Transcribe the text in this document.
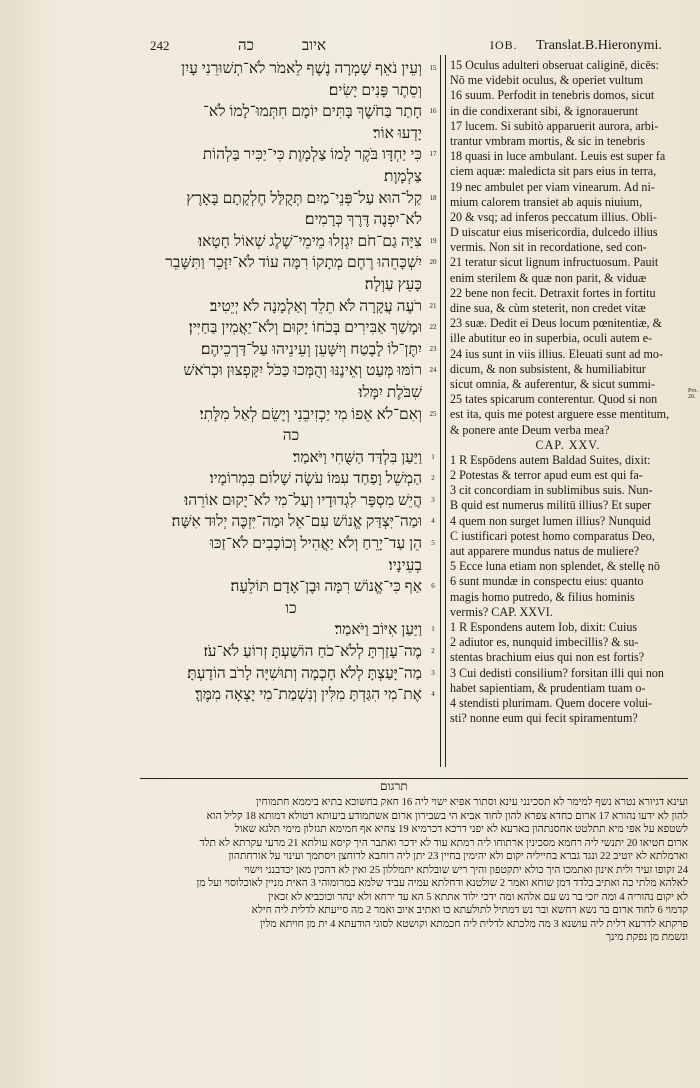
242	כה	איוב	IOB. Translat.B.Hieronymi.
וְעֵין נֹאֵף שָׁמְרָה נֶשֶׁף לֵאמֹר לֹא־תְשׁוּרֵנִי עָיִן
וְסֵתֶר פָּנִים יָשִׂים׃
חָתַר בַּחֹשֶׁךְ בָּתִּים יוֹמָם חִתְּמוּ־לָמוֹ לֹא־
יָדְעוּ אוֹר׃
כִּי יַחְדָּו בֹּקֶר לָמוֹ צַלְמָוֶת כִּי־יַכִּיר בַּלְהוֹת
צַלְמָוֶת׃
קַל־הוּא עַל־פְּנֵי־מַיִם תְּקֻלַּל חֶלְקָתָם בָּאָרֶץ
לֹא־יִפְנֶה דֶּרֶךְ כְּרָמִים׃
צִיָּה גַם־חֹם יִגְזְלוּ מֵימֵי־שֶׁלֶג שְׁאוֹל חָטָאוּ׃
יִשְׁכָּחֵהוּ רֶחֶם מְתָקוֹ רִמָּה עוֹד לֹא־יִזָּכֵר וַתִּשָּׁבֵר
כָּעֵץ עַוְלָה׃
רֹעֶה עֲקָרָה לֹא תֵלֵד וְאַלְמָנָה לֹא יְיֵטִיב׃
וּמָשַׁךְ אַבִּירִים בְּכֹחוֹ יָקוּם וְלֹא־יַאֲמִין בַּחַיִּין׃
יִתֶּן־לוֹ לָבֶטַח וְיִשָּׁעֵן וְעֵינֵיהוּ עַל־דַּרְכֵיהֶם׃
רוֹמּוּ מְּעַט וְאֵינֶנּוּ וְהֻמְּכוּ כַּכֹּל יִקָּפְצוּן וּכְרֹאשׁ
שִׁבֹּלֶת יִמָּלוּ׃
וְאִם־לֹא אֵפוֹ מִי יַכְזִיבֵנִי וְיָשֵׂם לְאַל מִלָּתִי׃
כה
וַיַּעַן בִּלְדַּד הַשֻּׁחִי וַיֹּאמַר׃
הַמְשֵׁל וָפַחַד עִמּוֹ עֹשֶׂה שָׁלוֹם בִּמְרוֹמָיו׃
הֲיֵשׁ מִסְפָּר לִגְדוּדָיו וְעַל־מִי לֹא־יָקוּם אוֹרֵהוּ׃
וּמַה־יִּצְדַּק אֱנוֹשׁ עִם־אֵל וּמַה־יִּזְכֶּה יְלוּד אִשָּׁה׃
הֵן עַד־יָרֵחַ וְלֹא יַאֲהִיל וְכוֹכָבִים לֹא־זַכּוּ
בְעֵינָיו׃
אַף כִּי־אֱנוֹשׁ רִמָּה וּבֶן־אָדָם תּוֹלֵעָה׃
כו
וַיַּעַן אִיּוֹב וַיֹּאמַר׃
מֶה־עָזַרְתָּ לְלֹא־כֹחַ הוֹשַׁעְתָּ זְרוֹעַ לֹא־עֹז׃
מַה־יָּעַצְתָּ לְלֹא חָכְמָה וְתוּשִׁיָּה לָרֹב הוֹדָעְתָּ׃
אֶת־מִי הִגַּדְתָּ מִלִּין וְנִשְׁמַת־מִי יָצְאָה מִמֶּךָּ׃
15
16
17
18
19
20
21
22
23
24
25
1
2
3
4
5
6
1
2
3
4
15 Oculus adulteri obseruat caliginē, dicēs:
Nō me videbit oculus, & operiet vultum
16 suum. Perfodit in tenebris domos, sicut
in die condixerant sibi, & ignorauerunt
17 lucem. Si subitò apparuerit aurora, arbi-
trantur vmbram mortis, & sic in tenebris
18 quasi in luce ambulant. Leuis est super fa
ciem aquæ: maledicta sit pars eius in terra,
19 nec ambulet per viam vinearum. Ad ni-
mium calorem transiet ab aquis niuium,
20 & vsq; ad inferos peccatum illius. Obli-
D uiscatur eius misericordia, dulcedo illius
vermis. Non sit in recordatione, sed con-
21 teratur sicut lignum infructuosum. Pauit
enim sterilem & quæ non parit, & viduæ
22 bene non fecit. Detraxit fortes in fortitu
dine sua, & cùm steterit, non credet vitæ
23 suæ. Dedit ei Deus locum pœnitentiæ, &
ille abutitur eo in superbia, oculi autem e-
24 ius sunt in viis illius. Eleuati sunt ad mo-
dicum, & non subsistent, & humiliabitur
sicut omnia, & auferentur, & sicut summi-
25 tates spicarum conterentur. Quod si non
est ita, quis me potest arguere esse mentitum,
& ponere ante Deum verba mea?
CAP. XXV.
1 R Espōdens autem Baldad Suites, dixit:
2 Potestas & terror apud eum est qui fa-
3 cit concordiam in sublimibus suis. Nun-
B quid est numerus militū illius? Et super
4 quem non surget lumen illius? Nunquid
C iustificari potest homo comparatus Deo,
aut apparere mundus natus de muliere?
5 Ecce luna etiam non splendet, & stellę nō
6 sunt mundæ in conspectu eius: quanto
magis homo putredo, & filius hominis
vermis? CAP. XXVI.
1 R Espondens autem Iob, dixit: Cuius
2 adiutor es, nunquid imbecillis? & su-
stentas brachium eius qui non est fortis?
3 Cui dedisti consilium? forsitan illi qui non
habet sapientiam, & prudentiam tuam o-
4 stendisti plurimam. Quem docere volui-
sti? nonne eum qui fecit spiramentum?
Pro. 20.
תרגום
ועינא דגיורא נטרא נשף למימר לא תסכינני עינא וסתור אפיא ישוי ליה 16 חאק בחשוכא בתיא ביממא חתמוחין
להון לא ידעו נהורא 17 ארום כחדא צפרא להון לחוד אביא הי בשבירון ארום אשתמודע ביעותא דטולא דמותא 18 קליל הוא
לשטפא על אפי מיא תתלטט אחסנתהון בארעא לא יפני דרכא דכרמיא 19 צחיא אף חמימא תגזלון מימי תלגא שאול
ארום חטיאו 20 יתנשי ליה רחמא מסכינין ארתוחו ליה רמתא עוד לא ידכר ואתבר היך קיסא עולתא 21 מרעי עקרתא לא תלד
וארמלתא לא יוטיב 22 ונגד גברא בחייליה יקום ולא יהימין בחיין 23 יתן ליה רוחבא לרוחצן ויסתמך ועינוי על אורחתהון
24 זקופו זעיר ולית אינון ואתמכו היך כולא יתקטפון והיך ריש שובלתא יתמללון 25 ואין לא דהכין מאן יכדבנני וישוי
לאלהא מלתי כה ואתיב בלדד דמן שוחא ואמר 2 שולטנא ודחלתא עמיה עביד שלמא במרומוהי 3 האית מניין לאוכלוסוי ועל מן
לא יקום נהוריה 4 ומה יזכי בר נש עם אלהא ומה ידכי ילוד אתתא 5 הא עד ירחא ולא ינהר וכוכביא לא זכאין
קדמוי 6 לחוד ארום בר נשא רחשא ובר נש דמתיל לתולעתא כו ואתיב איוב ואמר 2 מה סייעתא לדלית ליה חילא
פרקתא לדרעא דלית ליה עושנא 3 מה מלכתא לדלית ליה חכמתא וקושטא לסוגי הודעתא 4 ית מן חויתא מלין
ונשמת מן נפקת מינך
